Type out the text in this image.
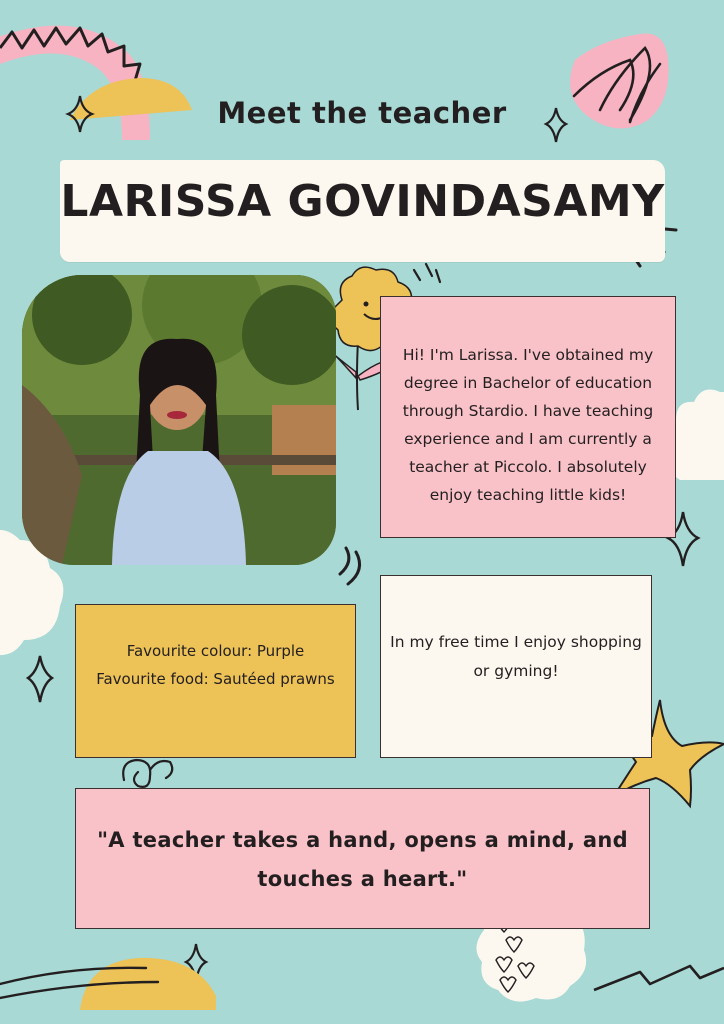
Meet the teacher
LARISSA GOVINDASAMY
Hi! I'm Larissa. I've obtained my degree in Bachelor of education through Stardio. I have teaching experience and I am currently a teacher at Piccolo. I absolutely enjoy teaching little kids!
Favourite colour: Purple
Favourite food: Sautéed prawns
In my free time I enjoy shopping or gyming!
"A teacher takes a hand, opens a mind, and touches a heart."
